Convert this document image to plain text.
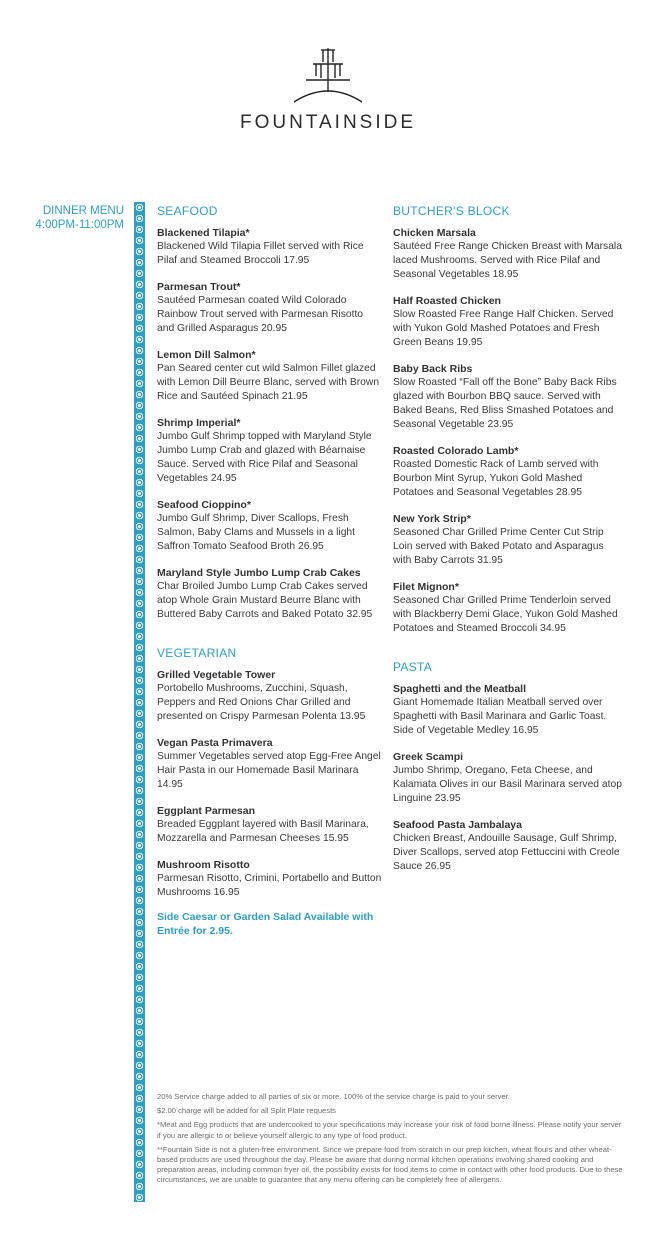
FOUNTAINSIDE
DINNER MENU
4:00PM-11:00PM
SEAFOOD
Blackened Tilapia*
Blackened Wild Tilapia Fillet served with Rice Pilaf and Steamed Broccoli 17.95
Parmesan Trout*
Sautéed Parmesan coated Wild Colorado Rainbow Trout served with Parmesan Risotto and Grilled Asparagus 20.95
Lemon Dill Salmon*
Pan Seared center cut wild Salmon Fillet glazed with Lemon Dill Beurre Blanc, served with Brown Rice and Sautéed Spinach 21.95
Shrimp Imperial*
Jumbo Gulf Shrimp topped with Maryland Style Jumbo Lump Crab and glazed with Béarnaise Sauce. Served with Rice Pilaf and Seasonal Vegetables 24.95
Seafood Cioppino*
Jumbo Gulf Shrimp, Diver Scallops, Fresh Salmon, Baby Clams and Mussels in a light Saffron Tomato Seafood Broth 26.95
Maryland Style Jumbo Lump Crab Cakes
Char Broiled Jumbo Lump Crab Cakes served atop Whole Grain Mustard Beurre Blanc with Buttered Baby Carrots and Baked Potato 32.95
VEGETARIAN
Grilled Vegetable Tower
Portobello Mushrooms, Zucchini, Squash, Peppers and Red Onions Char Grilled and presented on Crispy Parmesan Polenta 13.95
Vegan Pasta Primavera
Summer Vegetables served atop Egg-Free Angel Hair Pasta in our Homemade Basil Marinara 14.95
Eggplant Parmesan
Breaded Eggplant layered with Basil Marinara, Mozzarella and Parmesan Cheeses 15.95
Mushroom Risotto
Parmesan Risotto, Crimini, Portabello and Button Mushrooms 16.95
BUTCHER'S BLOCK
Chicken Marsala
Sautéed Free Range Chicken Breast with Marsala laced Mushrooms. Served with Rice Pilaf and Seasonal Vegetables 18.95
Half Roasted Chicken
Slow Roasted Free Range Half Chicken. Served with Yukon Gold Mashed Potatoes and Fresh Green Beans 19.95
Baby Back Ribs
Slow Roasted “Fall off the Bone” Baby Back Ribs glazed with Bourbon BBQ sauce. Served with Baked Beans, Red Bliss Smashed Potatoes and Seasonal Vegetable 23.95
Roasted Colorado Lamb*
Roasted Domestic Rack of Lamb served with Bourbon Mint Syrup, Yukon Gold Mashed Potatoes and Seasonal Vegetables 28.95
New York Strip*
Seasoned Char Grilled Prime Center Cut Strip Loin served with Baked Potato and Asparagus with Baby Carrots 31.95
Filet Mignon*
Seasoned Char Grilled Prime Tenderloin served with Blackberry Demi Glace, Yukon Gold Mashed Potatoes and Steamed Broccoli 34.95
PASTA
Spaghetti and the Meatball
Giant Homemade Italian Meatball served over Spaghetti with Basil Marinara and Garlic Toast. Side of Vegetable Medley 16.95
Greek Scampi
Jumbo Shrimp, Oregano, Feta Cheese, and Kalamata Olives in our Basil Marinara served atop Linguine 23.95
Seafood Pasta Jambalaya
Chicken Breast, Andouille Sausage, Gulf Shrimp, Diver Scallops, served atop Fettuccini with Creole Sauce 26.95
Side Caesar or Garden Salad Available with Entrée for 2.95.

20% Service charge added to all parties of six or more. 100% of the service charge is paid to your server.

$2.00 charge will be added for all Split Plate requests

*Meat and Egg products that are undercooked to your specifications may increase your risk of food borne illness. Please notify your server if you are allergic to or believe yourself allergic to any type of food product.

**Fountain Side is not a gluten-free environment. Since we prepare food from scratch in our prep kitchen, wheat flours and other wheat-based products are used throughout the day. Please be aware that during normal kitchen operations involving shared cooking and preparation areas, including common fryer oil, the possibility exists for food items to come in contact with other food products. Due to these circumstances, we are unable to guarantee that any menu offering can be completely free of allergens.
